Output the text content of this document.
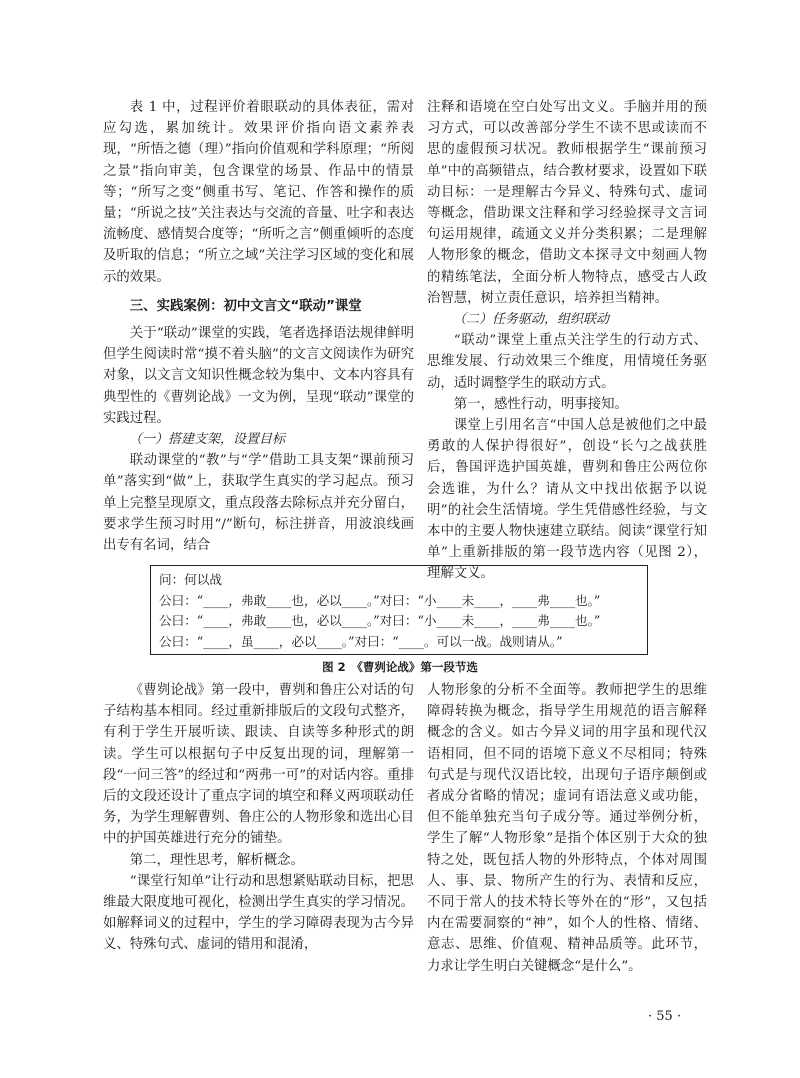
表 1 中，过程评价着眼联动的具体表征，需对应勾选，累加统计。效果评价指向语文素养表现，“所悟之德（理）”指向价值观和学科原理；“所阅之景”指向审美，包含课堂的场景、作品中的情景等；“所写之变”侧重书写、笔记、作答和操作的质量；“所说之技”关注表达与交流的音量、吐字和表达流畅度、感情契合度等；“所听之言”侧重倾听的态度及听取的信息；“所立之域”关注学习区域的变化和展示的效果。

三、实践案例：初中文言文“联动”课堂

关于“联动”课堂的实践，笔者选择语法规律鲜明但学生阅读时常“摸不着头脑”的文言文阅读作为研究对象，以文言文知识性概念较为集中、文本内容具有典型性的《曹刿论战》一文为例，呈现“联动”课堂的实践过程。

（一）搭建支架，设置目标

联动课堂的“教”与“学”借助工具支架“课前预习单”落实到“做”上，获取学生真实的学习起点。预习单上完整呈现原文，重点段落去除标点并充分留白，要求学生预习时用“/”断句，标注拼音，用波浪线画出专有名词，结合

注释和语境在空白处写出文义。手脑并用的预习方式，可以改善部分学生不读不思或读而不思的虚假预习状况。教师根据学生“课前预习单”中的高频错点，结合教材要求，设置如下联动目标：一是理解古今异义、特殊句式、虚词等概念，借助课文注释和学习经验探寻文言词句运用规律，疏通文义并分类积累；二是理解人物形象的概念，借助文本探寻文中刻画人物的精练笔法，全面分析人物特点，感受古人政治智慧，树立责任意识，培养担当精神。

（二）任务驱动，组织联动

“联动”课堂上重点关注学生的行动方式、思维发展、行动效果三个维度，用情境任务驱动，适时调整学生的联动方式。

第一，感性行动，明事接知。

课堂上引用名言“中国人总是被他们之中最勇敢的人保护得很好”，创设“长勺之战获胜后，鲁国评选护国英雄，曹刿和鲁庄公两位你会选谁，为什么？请从文中找出依据予以说明”的社会生活情境。学生凭借感性经验，与文本中的主要人物快速建立联结。阅读“课堂行知单”上重新排版的第一段节选内容（见图 2），理解文义。

问：何以战
公曰：“____，弗敢____也，必以____。”对曰：“小____未____，____弗____也。”
公曰：“____，弗敢____也，必以____。”对曰：“小____未____，____弗____也。”
公曰：“____，虽____，必以____。”对曰：“____。可以一战。战则请从。”
图 2　《曹刿论战》第一段节选

《曹刿论战》第一段中，曹刿和鲁庄公对话的句子结构基本相同。经过重新排版后的文段句式整齐，有利于学生开展听读、跟读、自读等多种形式的朗读。学生可以根据句子中反复出现的词，理解第一段“一问三答”的经过和“两弗一可”的对话内容。重排后的文段还设计了重点字词的填空和释义两项联动任务，为学生理解曹刿、鲁庄公的人物形象和选出心目中的护国英雄进行充分的铺垫。

第二，理性思考，解析概念。

“课堂行知单”让行动和思想紧贴联动目标，把思维最大限度地可视化，检测出学生真实的学习情况。如解释词义的过程中，学生的学习障碍表现为古今异义、特殊句式、虚词的错用和混淆，

人物形象的分析不全面等。教师把学生的思维障碍转换为概念，指导学生用规范的语言解释概念的含义。如古今异义词的用字虽和现代汉语相同，但不同的语境下意义不尽相同；特殊句式是与现代汉语比较，出现句子语序颠倒或者成分省略的情况；虚词有语法意义或功能，但不能单独充当句子成分等。通过举例分析，学生了解“人物形象”是指个体区别于大众的独特之处，既包括人物的外形特点，个体对周围人、事、景、物所产生的行为、表情和反应，不同于常人的技术特长等外在的“形”，又包括内在需要洞察的“神”，如个人的性格、情绪、意志、思维、价值观、精神品质等。此环节，力求让学生明白关键概念“是什么”。

· 55 ·
